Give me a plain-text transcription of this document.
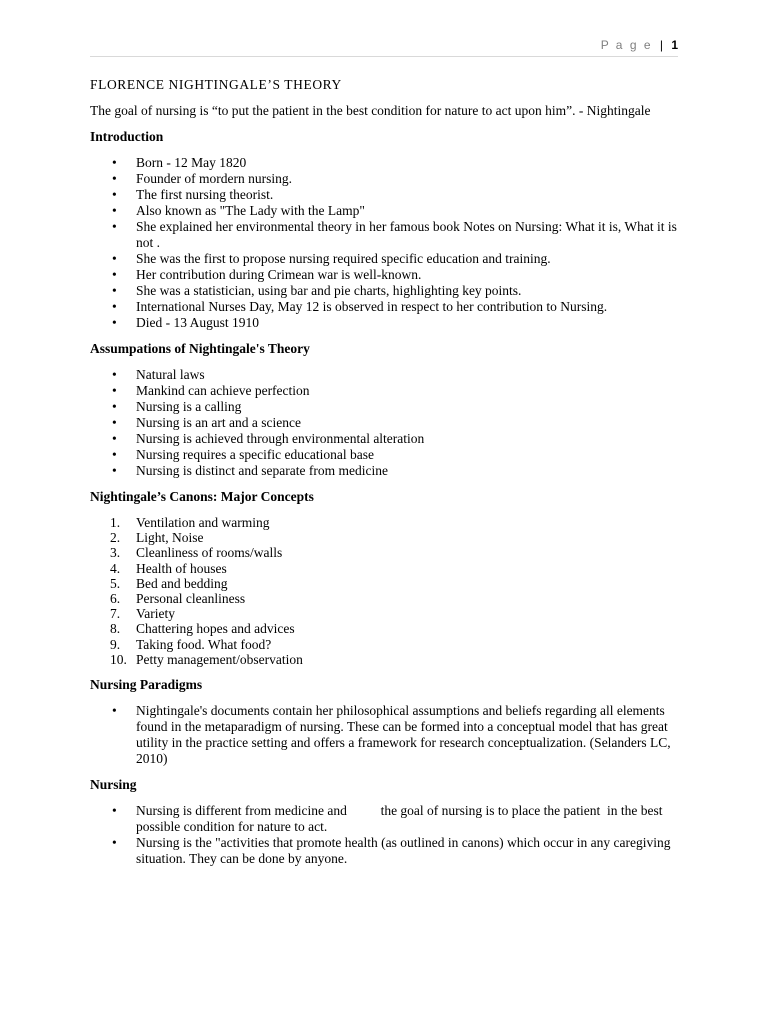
P a g e | 1
FLORENCE NIGHTINGALE’S THEORY

The goal of nursing is “to put the patient in the best condition for nature to act upon him”. - Nightingale

Introduction
• Born - 12 May 1820
• Founder of mordern nursing.
• The first nursing theorist.
• Also known as "The Lady with the Lamp"
• She explained her environmental theory in her famous book Notes on Nursing: What it is, What it is not .
• She was the first to propose nursing required specific education and training.
• Her contribution during Crimean war is well-known.
• She was a statistician, using bar and pie charts, highlighting key points.
• International Nurses Day, May 12 is observed in respect to her contribution to Nursing.
• Died - 13 August 1910
Assumpations of Nightingale's Theory
• Natural laws
• Mankind can achieve perfection
• Nursing is a calling
• Nursing is an art and a science
• Nursing is achieved through environmental alteration
• Nursing requires a specific educational base
• Nursing is distinct and separate from medicine
Nightingale’s Canons: Major Concepts
1.	Ventilation and warming
2.	Light, Noise
3.	Cleanliness of rooms/walls
4.	Health of houses
5.	Bed and bedding
6.	Personal cleanliness
7.	Variety
8.	Chattering hopes and advices
9.	Taking food. What food?
10. Petty management/observation
Nursing Paradigms
• Nightingale's documents contain her philosophical assumptions and beliefs regarding all elements found in the metaparadigm of nursing. These can be formed into a conceptual model that has great utility in the practice setting and offers a framework for research conceptualization. (Selanders LC, 2010)
Nursing
• Nursing is different from medicine and          the goal of nursing is to place the patient  in the best possible condition for nature to act.
• Nursing is the "activities that promote health (as outlined in canons) which occur in any caregiving situation. They can be done by anyone.
